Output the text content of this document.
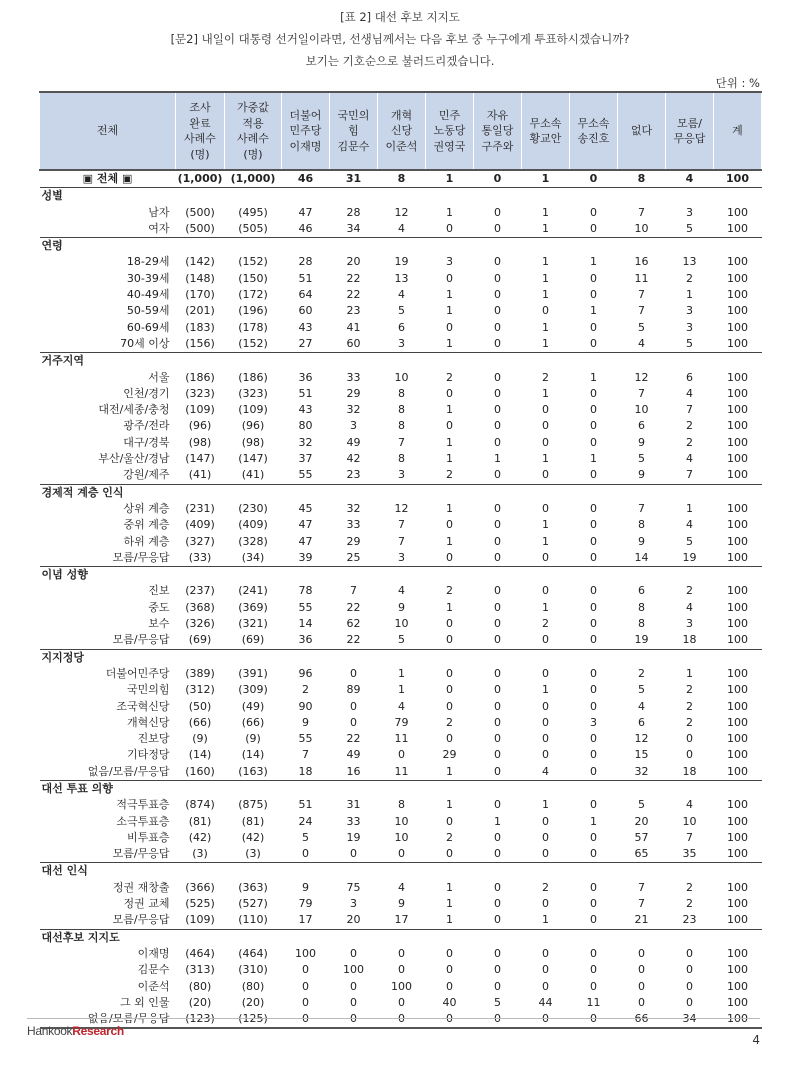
[표 2] 대선 후보 지지도
[문2] 내일이 대통령 선거일이라면, 선생님께서는 다음 후보 중 누구에게 투표하시겠습니까?
보기는 기호순으로 불러드리겠습니다.
단위 : %
전체	조사
완료
사례수
(명)	가중값
적용
사례수
(명)	더불어
민주당
이재명	국민의
힘
김문수	개혁
신당
이준석	민주
노동당
권영국	자유
통일당
구주와	무소속
황교안	무소속
송진호	없다	모름/
무응답	계
▣ 전체 ▣	(1,000)	(1,000)	46	31	8	1	0	1	0	8	4	100
성별												
남자	(500)	(495)	47	28	12	1	0	1	0	7	3	100
여자	(500)	(505)	46	34	4	0	0	1	0	10	5	100
연령												
18-29세	(142)	(152)	28	20	19	3	0	1	1	16	13	100
30-39세	(148)	(150)	51	22	13	0	0	1	0	11	2	100
40-49세	(170)	(172)	64	22	4	1	0	1	0	7	1	100
50-59세	(201)	(196)	60	23	5	1	0	0	1	7	3	100
60-69세	(183)	(178)	43	41	6	0	0	1	0	5	3	100
70세 이상	(156)	(152)	27	60	3	1	0	1	0	4	5	100
거주지역												
서울	(186)	(186)	36	33	10	2	0	2	1	12	6	100
인천/경기	(323)	(323)	51	29	8	0	0	1	0	7	4	100
대전/세종/충청	(109)	(109)	43	32	8	1	0	0	0	10	7	100
광주/전라	(96)	(96)	80	3	8	0	0	0	0	6	2	100
대구/경북	(98)	(98)	32	49	7	1	0	0	0	9	2	100
부산/울산/경남	(147)	(147)	37	42	8	1	1	1	1	5	4	100
강원/제주	(41)	(41)	55	23	3	2	0	0	0	9	7	100
경제적 계층 인식												
상위 계층	(231)	(230)	45	32	12	1	0	0	0	7	1	100
중위 계층	(409)	(409)	47	33	7	0	0	1	0	8	4	100
하위 계층	(327)	(328)	47	29	7	1	0	1	0	9	5	100
모름/무응답	(33)	(34)	39	25	3	0	0	0	0	14	19	100
이념 성향												
진보	(237)	(241)	78	7	4	2	0	0	0	6	2	100
중도	(368)	(369)	55	22	9	1	0	1	0	8	4	100
보수	(326)	(321)	14	62	10	0	0	2	0	8	3	100
모름/무응답	(69)	(69)	36	22	5	0	0	0	0	19	18	100
지지정당												
더불어민주당	(389)	(391)	96	0	1	0	0	0	0	2	1	100
국민의힘	(312)	(309)	2	89	1	0	0	1	0	5	2	100
조국혁신당	(50)	(49)	90	0	4	0	0	0	0	4	2	100
개혁신당	(66)	(66)	9	0	79	2	0	0	3	6	2	100
진보당	(9)	(9)	55	22	11	0	0	0	0	12	0	100
기타정당	(14)	(14)	7	49	0	29	0	0	0	15	0	100
없음/모름/무응답	(160)	(163)	18	16	11	1	0	4	0	32	18	100
대선 투표 의향												
적극투표층	(874)	(875)	51	31	8	1	0	1	0	5	4	100
소극투표층	(81)	(81)	24	33	10	0	1	0	1	20	10	100
비투표층	(42)	(42)	5	19	10	2	0	0	0	57	7	100
모름/무응답	(3)	(3)	0	0	0	0	0	0	0	65	35	100
대선 인식												
정권 재창출	(366)	(363)	9	75	4	1	0	2	0	7	2	100
정권 교체	(525)	(527)	79	3	9	1	0	0	0	7	2	100
모름/무응답	(109)	(110)	17	20	17	1	0	1	0	21	23	100
대선후보 지지도												
이재명	(464)	(464)	100	0	0	0	0	0	0	0	0	100
김문수	(313)	(310)	0	100	0	0	0	0	0	0	0	100
이준석	(80)	(80)	0	0	100	0	0	0	0	0	0	100
그 외 인물	(20)	(20)	0	0	0	40	5	44	11	0	0	100
없음/모름/무응답	(123)	(125)	0	0	0	0	0	0	0	66	34	100
HankookResearch
4
